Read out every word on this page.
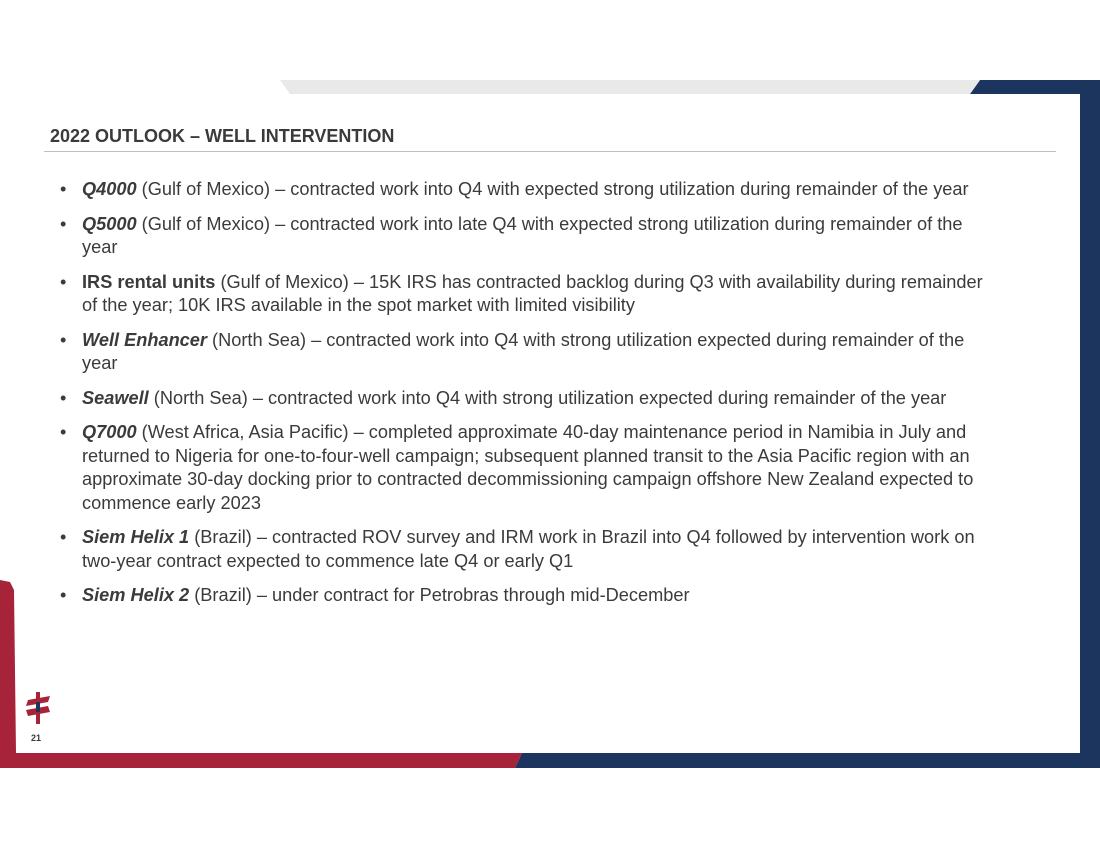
2022 OUTLOOK – WELL INTERVENTION
• Q4000 (Gulf of Mexico) – contracted work into Q4 with expected strong utilization during remainder of the year
• Q5000 (Gulf of Mexico) – contracted work into late Q4 with expected strong utilization during remainder of the year
• IRS rental units (Gulf of Mexico) – 15K IRS has contracted backlog during Q3 with availability during remainder of the year; 10K IRS available in the spot market with limited visibility
• Well Enhancer (North Sea) – contracted work into Q4 with strong utilization expected during remainder of the year
• Seawell (North Sea) – contracted work into Q4 with strong utilization expected during remainder of the year
• Q7000 (West Africa, Asia Pacific) – completed approximate 40-day maintenance period in Namibia in July and returned to Nigeria for one-to-four-well campaign; subsequent planned transit to the Asia Pacific region with an approximate 30-day docking prior to contracted decommissioning campaign offshore New Zealand expected to commence early 2023
• Siem Helix 1 (Brazil) – contracted ROV survey and IRM work in Brazil into Q4 followed by intervention work on two-year contract expected to commence late Q4 or early Q1
• Siem Helix 2 (Brazil) – under contract for Petrobras through mid-December
21
